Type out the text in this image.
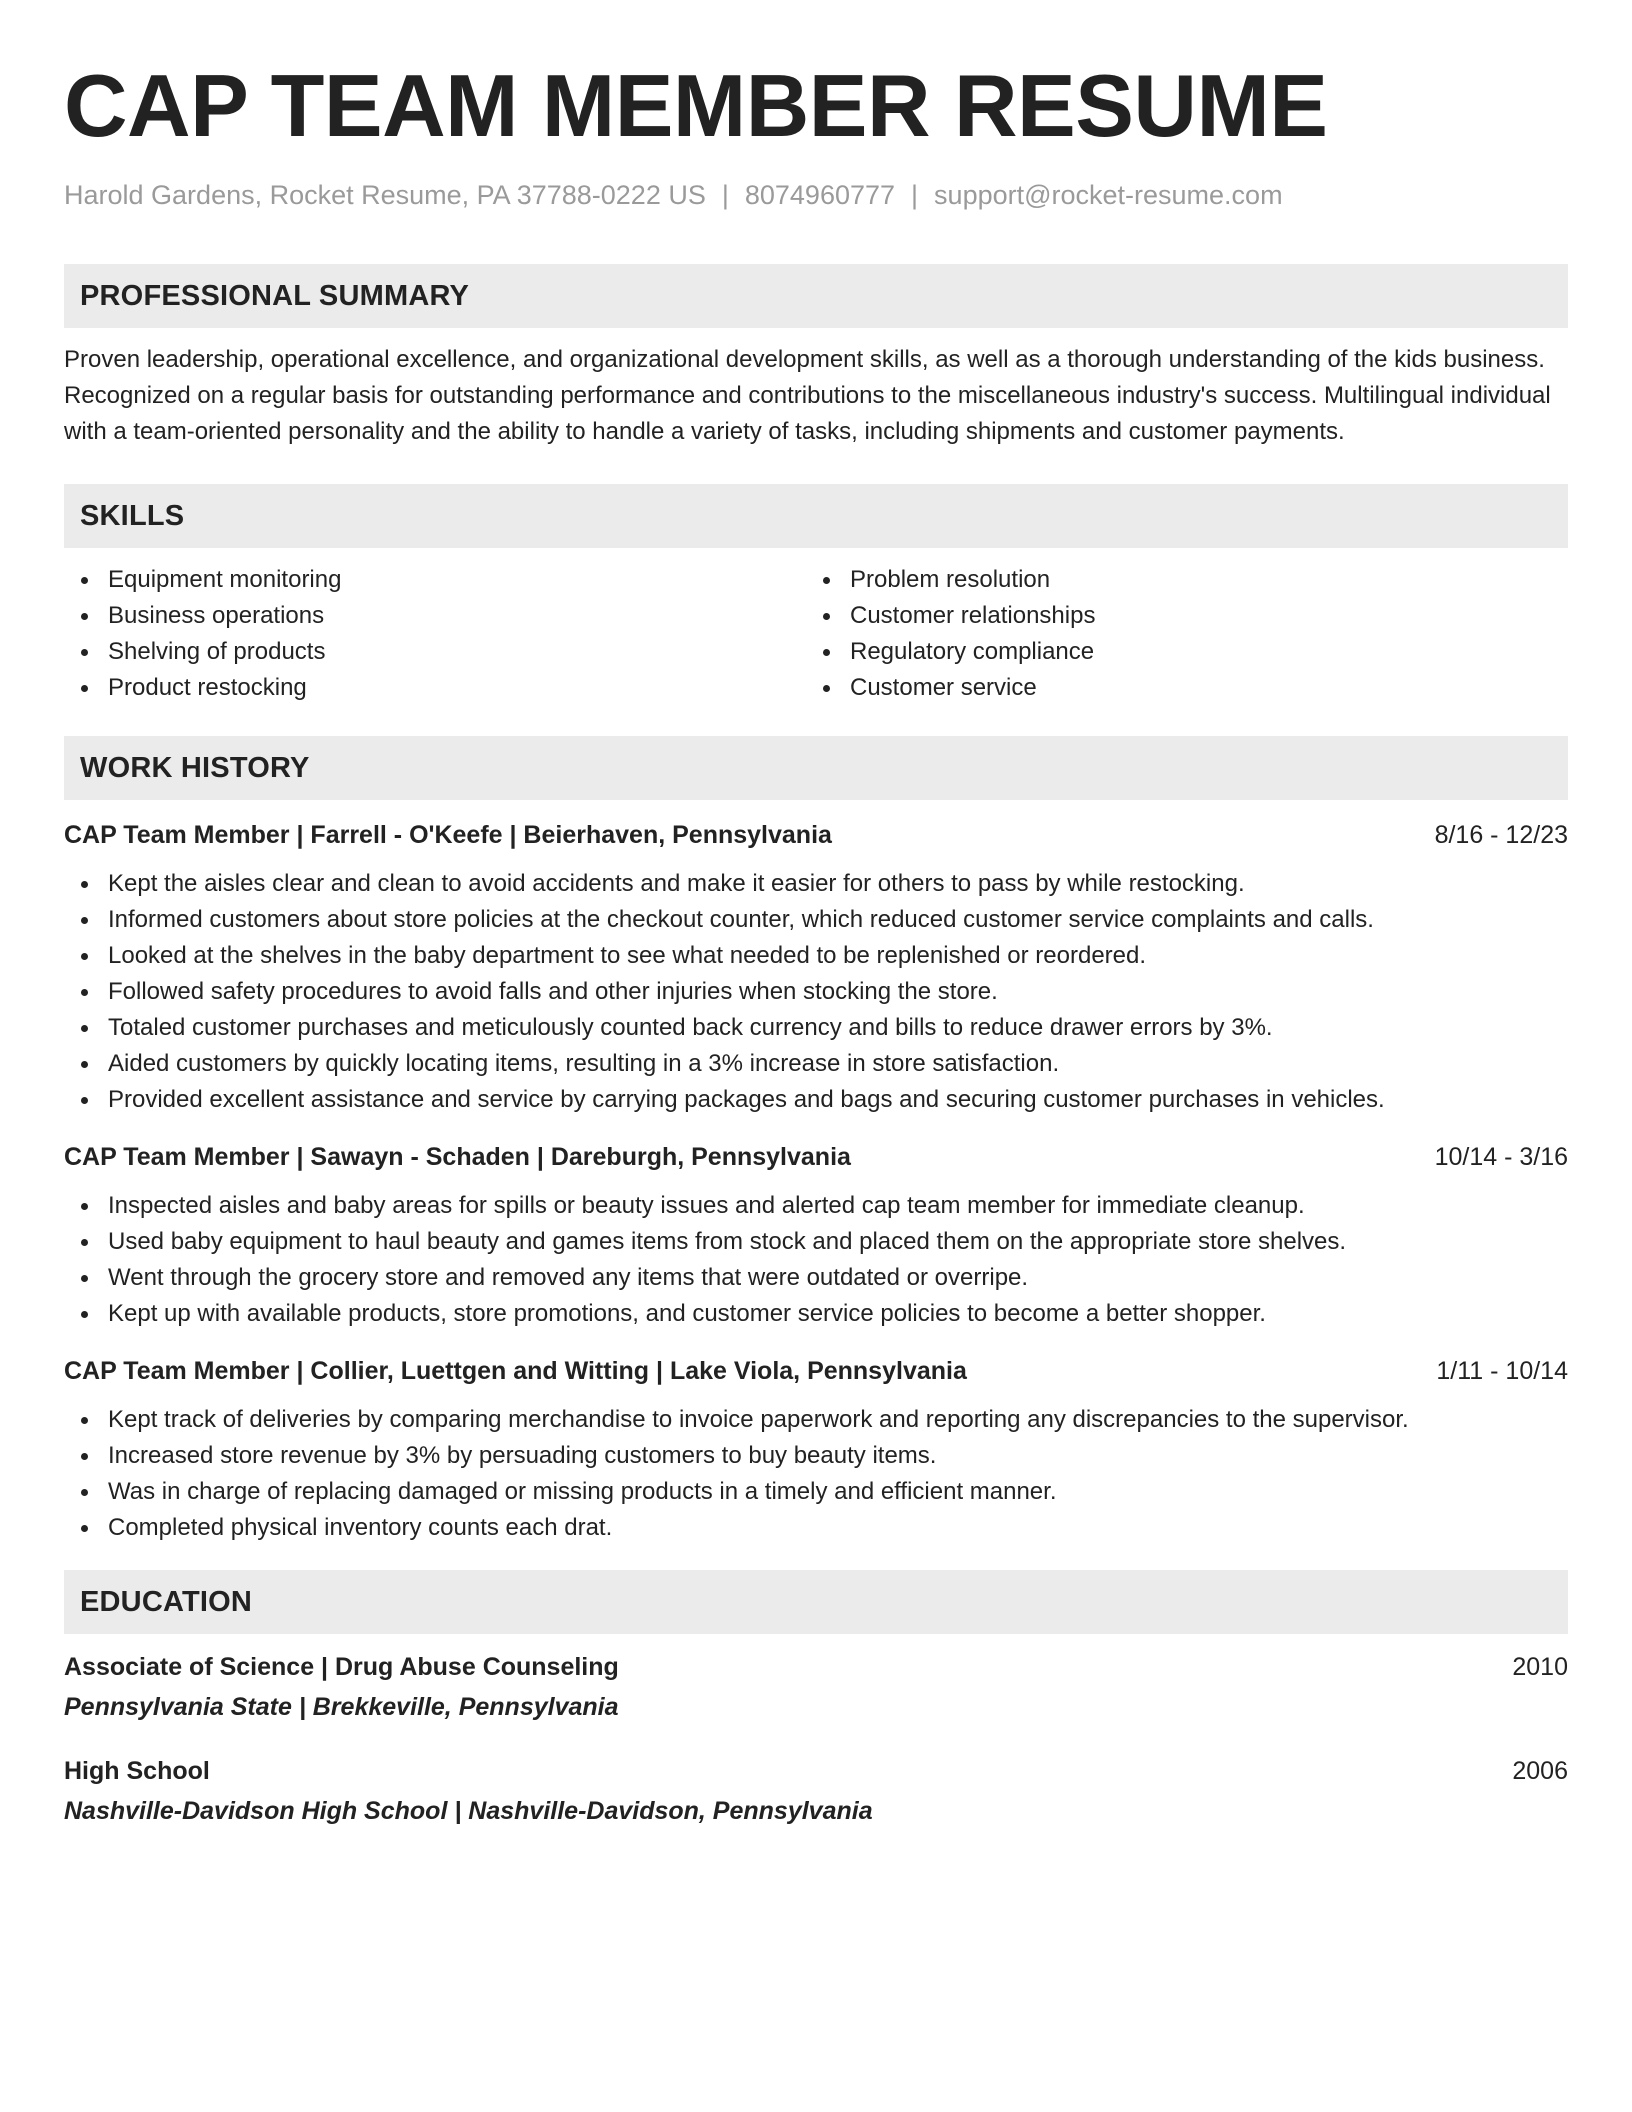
CAP TEAM MEMBER RESUME
Harold Gardens, Rocket Resume, PA 37788-0222 US | 8074960777 | support@rocket-resume.com
PROFESSIONAL SUMMARY
Proven leadership, operational excellence, and organizational development skills, as well as a thorough understanding of the kids business. Recognized on a regular basis for outstanding performance and contributions to the miscellaneous industry's success. Multilingual individual with a team-oriented personality and the ability to handle a variety of tasks, including shipments and customer payments.
SKILLS
Equipment monitoring
Business operations
Shelving of products
Product restocking
Problem resolution
Customer relationships
Regulatory compliance
Customer service
WORK HISTORY
CAP Team Member | Farrell - O'Keefe | Beierhaven, Pennsylvania	8/16 - 12/23
Kept the aisles clear and clean to avoid accidents and make it easier for others to pass by while restocking.
Informed customers about store policies at the checkout counter, which reduced customer service complaints and calls.
Looked at the shelves in the baby department to see what needed to be replenished or reordered.
Followed safety procedures to avoid falls and other injuries when stocking the store.
Totaled customer purchases and meticulously counted back currency and bills to reduce drawer errors by 3%.
Aided customers by quickly locating items, resulting in a 3% increase in store satisfaction.
Provided excellent assistance and service by carrying packages and bags and securing customer purchases in vehicles.
CAP Team Member | Sawayn - Schaden | Dareburgh, Pennsylvania	10/14 - 3/16
Inspected aisles and baby areas for spills or beauty issues and alerted cap team member for immediate cleanup.
Used baby equipment to haul beauty and games items from stock and placed them on the appropriate store shelves.
Went through the grocery store and removed any items that were outdated or overripe.
Kept up with available products, store promotions, and customer service policies to become a better shopper.
CAP Team Member | Collier, Luettgen and Witting | Lake Viola, Pennsylvania	1/11 - 10/14
Kept track of deliveries by comparing merchandise to invoice paperwork and reporting any discrepancies to the supervisor.
Increased store revenue by 3% by persuading customers to buy beauty items.
Was in charge of replacing damaged or missing products in a timely and efficient manner.
Completed physical inventory counts each drat.
EDUCATION
Associate of Science | Drug Abuse Counseling	2010
Pennsylvania State | Brekkeville, Pennsylvania
High School	2006
Nashville-Davidson High School | Nashville-Davidson, Pennsylvania
